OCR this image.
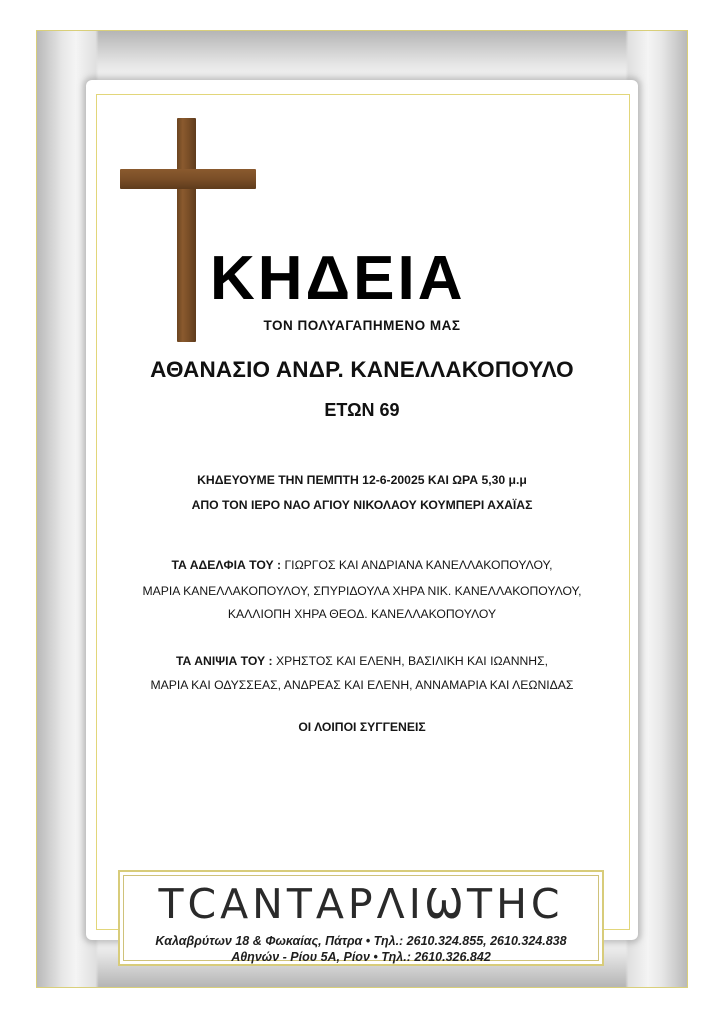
ΚΗΔΕΙΑ
ΤΟΝ ΠΟΛΥΑΓΑΠΗΜΕΝΟ ΜΑΣ
ΑΘΑΝΑΣΙΟ ΑΝΔΡ. ΚΑΝΕΛΛΑΚΟΠΟΥΛΟ
ΕΤΩΝ 69
ΚΗΔΕΥΟΥΜΕ ΤΗΝ ΠΕΜΠΤΗ 12-6-20025 ΚΑΙ ΩΡΑ 5,30 μ.μ
ΑΠΟ ΤΟΝ ΙΕΡΟ ΝΑΟ ΑΓΙΟΥ ΝΙΚΟΛΑΟΥ ΚΟΥΜΠΕΡΙ ΑΧΑΪΑΣ
ΤΑ ΑΔΕΛΦΙΑ ΤΟΥ : ΓΙΩΡΓΟΣ ΚΑΙ ΑΝΔΡΙΑΝΑ ΚΑΝΕΛΛΑΚΟΠΟΥΛΟΥ,
ΜΑΡΙΑ ΚΑΝΕΛΛΑΚΟΠΟΥΛΟΥ, ΣΠΥΡΙΔΟΥΛΑ ΧΗΡΑ ΝΙΚ. ΚΑΝΕΛΛΑΚΟΠΟΥΛΟΥ,
ΚΑΛΛΙΟΠΗ ΧΗΡΑ ΘΕΟΔ. ΚΑΝΕΛΛΑΚΟΠΟΥΛΟΥ
ΤΑ ΑΝΙΨΙΑ ΤΟΥ : ΧΡΗΣΤΟΣ ΚΑΙ ΕΛΕΝΗ, ΒΑΣΙΛΙΚΗ ΚΑΙ ΙΩΑΝΝΗΣ,
ΜΑΡΙΑ ΚΑΙ ΟΔΥΣΣΕΑΣ, ΑΝΔΡΕΑΣ ΚΑΙ ΕΛΕΝΗ, ΑΝΝΑΜΑΡΙΑ ΚΑΙ ΛΕΩΝΙΔΑΣ
ΟΙ ΛΟΙΠΟΙ ΣΥΓΓΕΝΕΙΣ
ΤCΑΝΤΑΡΛΙѠΤΗC
Καλαβρύτων 18 & Φωκαίας, Πάτρα • Τηλ.: 2610.324.855, 2610.324.838
Αθηνών - Ρίου 5Α, Ρίον • Τηλ.: 2610.326.842
